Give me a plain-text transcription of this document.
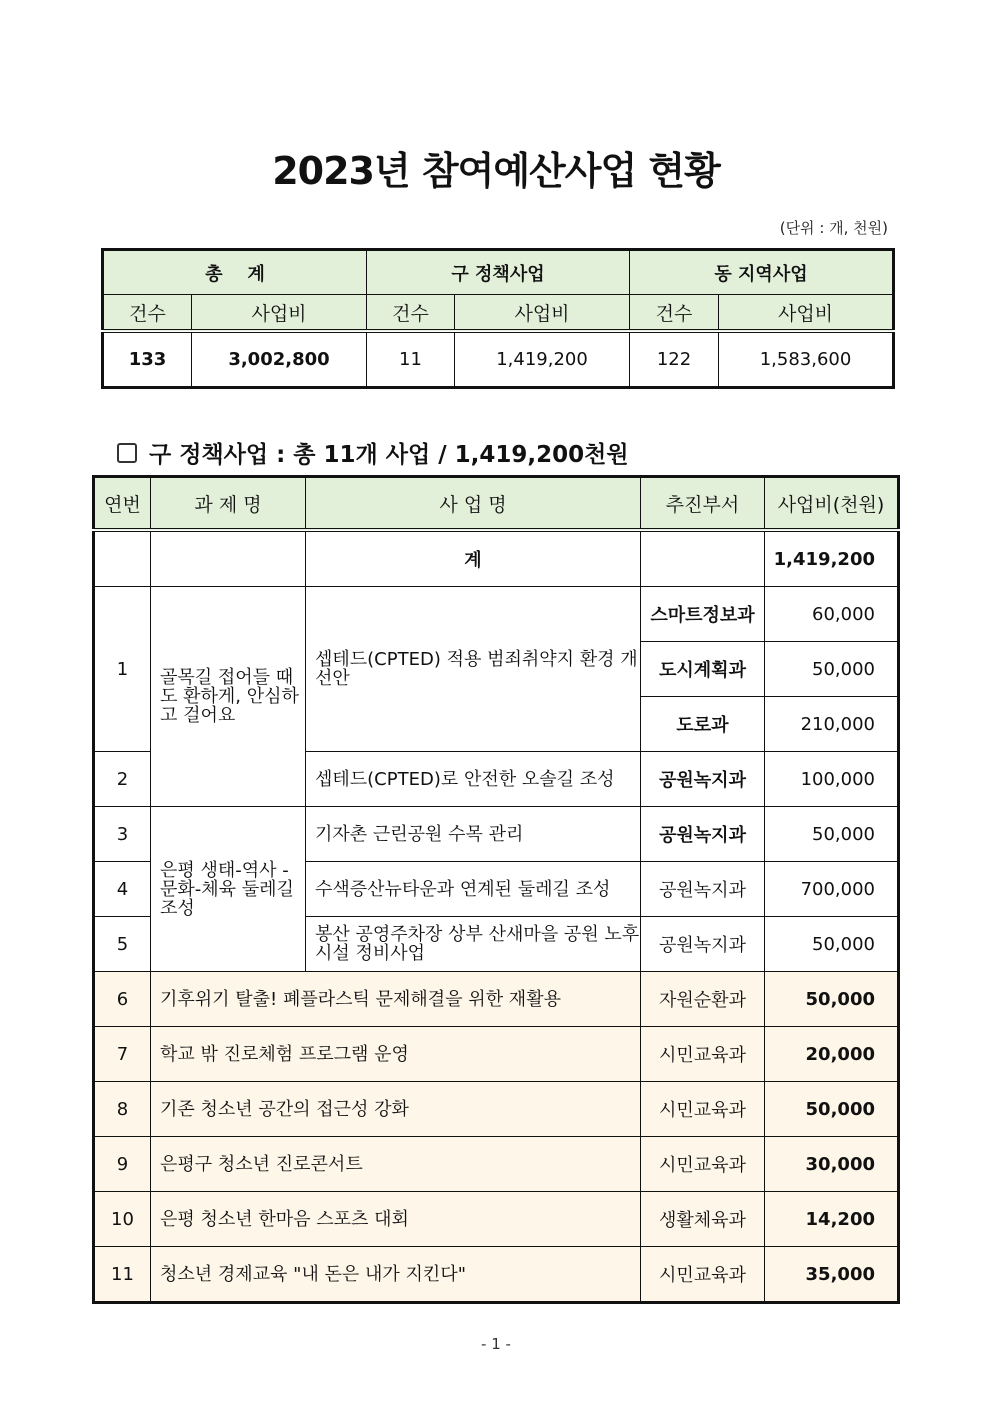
2023년 참여예산사업 현황
(단위 : 개, 천원)
총    계		구 정책사업		동 지역사업	
건수	사업비	건수	사업비	건수	사업비
133	3,002,800	11	1,419,200	122	1,583,600
구 정책사업 : 총 11개 사업 / 1,419,200천원
연번	과 제 명	사 업 명	추진부서	사업비(천원)
		계		1,419,200
1	골목길 접어들 때도 환하게, 안심하고 걸어요	셉테드(CPTED) 적용 범죄취약지 환경 개선안	스마트정보과	60,000
			도시계획과	50,000
			도로과	210,000
2		셉테드(CPTED)로 안전한 오솔길 조성	공원녹지과	100,000
3	은평 생태-역사 -문화-체육 둘레길 조성	기자촌 근린공원 수목 관리	공원녹지과	50,000
4		수색증산뉴타운과 연계된 둘레길 조성	공원녹지과	700,000
5		봉산 공영주차장 상부 산새마을 공원 노후시설 정비사업	공원녹지과	50,000
6	기후위기 탈출! 폐플라스틱 문제해결을 위한 재활용		자원순환과	50,000
7	학교 밖 진로체험 프로그램 운영		시민교육과	20,000
8	기존 청소년 공간의 접근성 강화		시민교육과	50,000
9	은평구 청소년 진로콘서트		시민교육과	30,000
10	은평 청소년 한마음 스포츠 대회		생활체육과	14,200
11	청소년 경제교육 "내 돈은 내가 지킨다"		시민교육과	35,000
- 1 -
